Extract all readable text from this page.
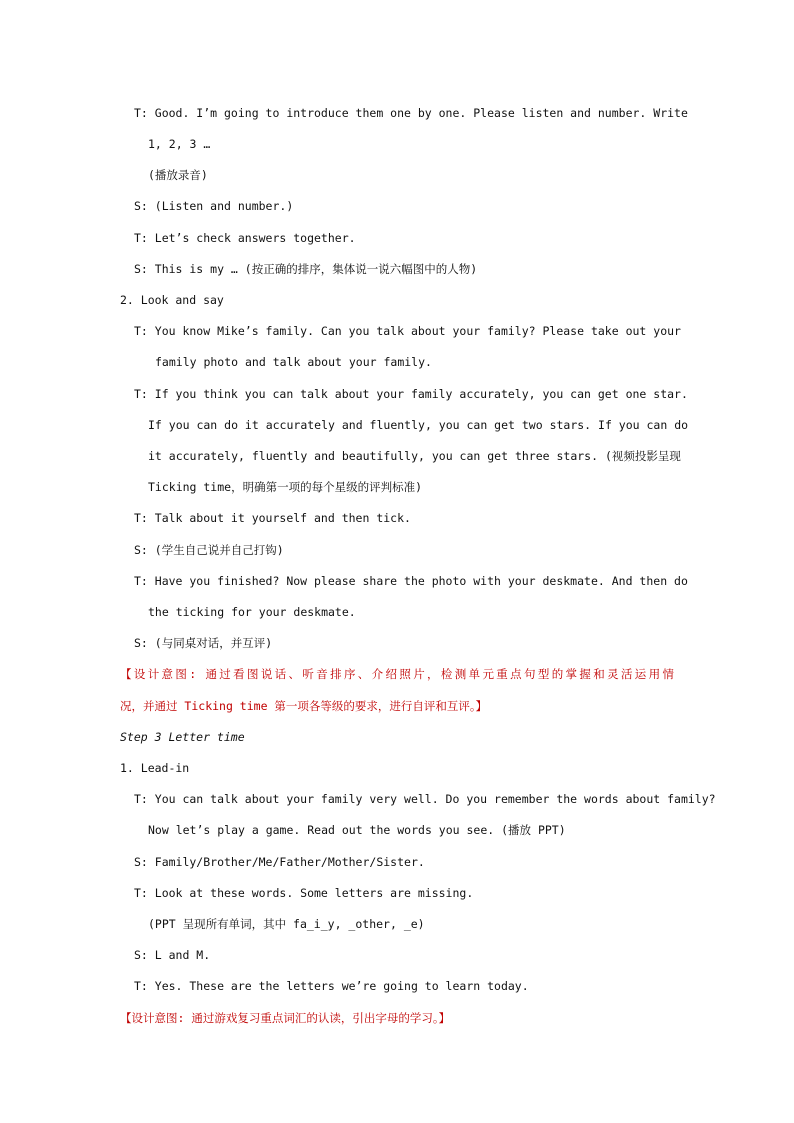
T: Good. I’m going to introduce them one by one. Please listen and number. Write
1, 2, 3 …
(播放录音)
S: (Listen and number.)
T: Let’s check answers together.
S: This is my … (按正确的排序，集体说一说六幅图中的人物)
2. Look and say
T: You know Mike’s family. Can you talk about your family? Please take out your
family photo and talk about your family.
T: If you think you can talk about your family accurately, you can get one star.
If you can do it accurately and fluently, you can get two stars. If you can do
it accurately, fluently and beautifully, you can get three stars. (视频投影呈现
Ticking time，明确第一项的每个星级的评判标准)
T: Talk about it yourself and then tick.
S: (学生自己说并自己打钩)
T: Have you finished? Now please share the photo with your deskmate. And then do
the ticking for your deskmate.
S: (与同桌对话，并互评)
【设计意图: 通过看图说话、听音排序、介绍照片，检测单元重点句型的掌握和灵活运用情
况，并通过 Ticking time 第一项各等级的要求，进行自评和互评。】
Step 3 Letter time
1. Lead-in
T: You can talk about your family very well. Do you remember the words about family?
Now let’s play a game. Read out the words you see. (播放 PPT)
S: Family/Brother/Me/Father/Mother/Sister.
T: Look at these words. Some letters are missing.
(PPT 呈现所有单词，其中 fa_i_y, _other, _e)
S: L and M.
T: Yes. These are the letters we’re going to learn today.
【设计意图: 通过游戏复习重点词汇的认读，引出字母的学习。】
